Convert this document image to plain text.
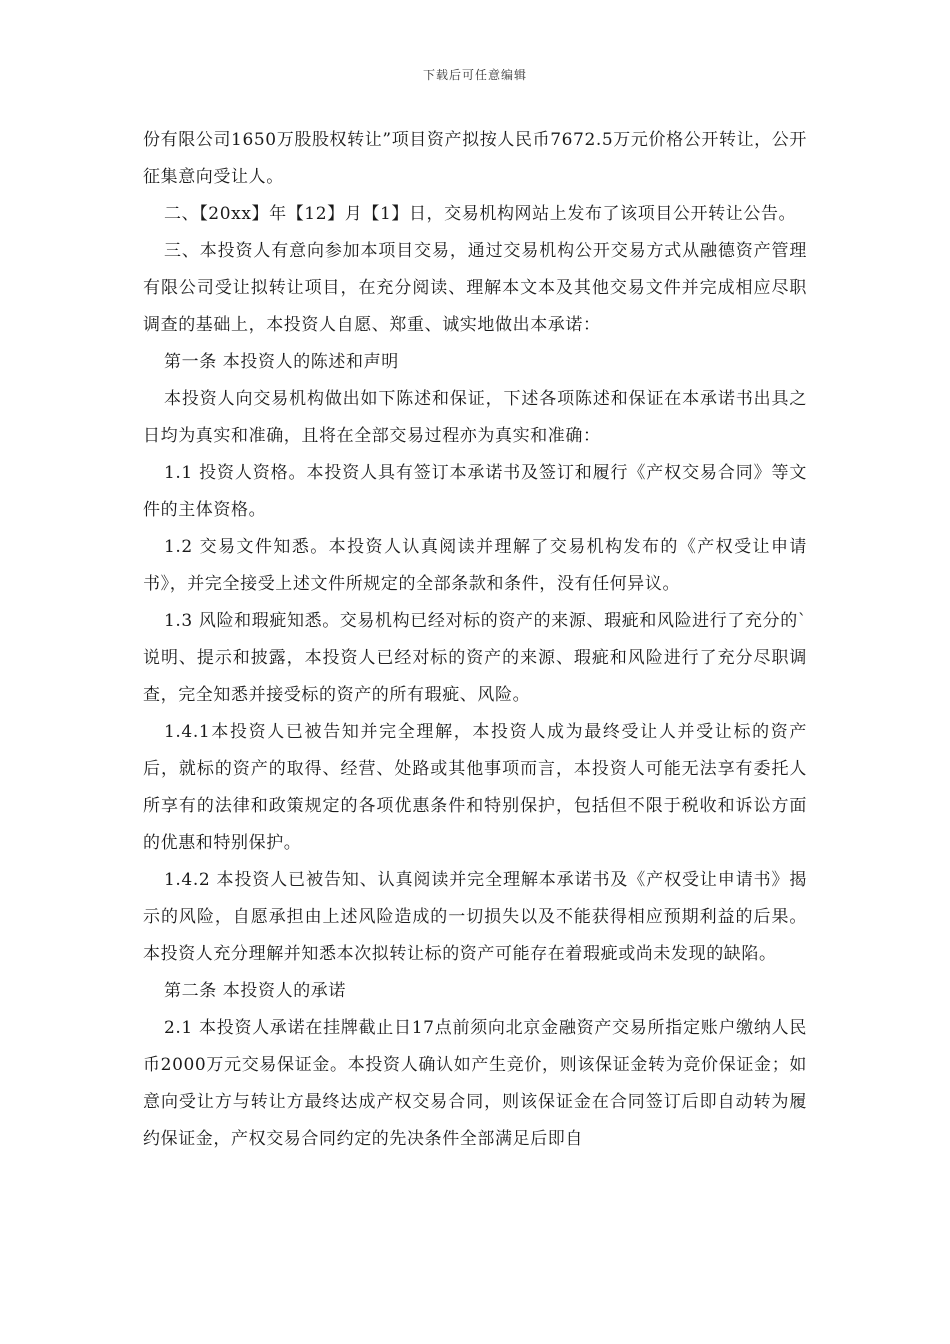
下载后可任意编辑

份有限公司1650万股股权转让”项目资产拟按人民币7672.5万元价格公开转让，公开征集意向受让人。

二、【20xx】年【12】月【1】日，交易机构网站上发布了该项目公开转让公告。

三、本投资人有意向参加本项目交易，通过交易机构公开交易方式从融德资产管理有限公司受让拟转让项目，在充分阅读、理解本文本及其他交易文件并完成相应尽职调查的基础上，本投资人自愿、郑重、诚实地做出本承诺：

第一条 本投资人的陈述和声明

本投资人向交易机构做出如下陈述和保证，下述各项陈述和保证在本承诺书出具之日均为真实和准确，且将在全部交易过程亦为真实和准确：

1.1 投资人资格。本投资人具有签订本承诺书及签订和履行《产权交易合同》等文件的主体资格。

1.2 交易文件知悉。本投资人认真阅读并理解了交易机构发布的《产权受让申请书》，并完全接受上述文件所规定的全部条款和条件，没有任何异议。

1.3 风险和瑕疵知悉。交易机构已经对标的资产的来源、瑕疵和风险进行了充分的`说明、提示和披露，本投资人已经对标的资产的来源、瑕疵和风险进行了充分尽职调查，完全知悉并接受标的资产的所有瑕疵、风险。

1.4.1本投资人已被告知并完全理解，本投资人成为最终受让人并受让标的资产后，就标的资产的取得、经营、处路或其他事项而言，本投资人可能无法享有委托人所享有的法律和政策规定的各项优惠条件和特别保护，包括但不限于税收和诉讼方面的优惠和特别保护。

1.4.2 本投资人已被告知、认真阅读并完全理解本承诺书及《产权受让申请书》揭示的风险，自愿承担由上述风险造成的一切损失以及不能获得相应预期利益的后果。本投资人充分理解并知悉本次拟转让标的资产可能存在着瑕疵或尚未发现的缺陷。

第二条 本投资人的承诺

2.1 本投资人承诺在挂牌截止日17点前须向北京金融资产交易所指定账户缴纳人民币2000万元交易保证金。本投资人确认如产生竞价，则该保证金转为竞价保证金；如意向受让方与转让方最终达成产权交易合同，则该保证金在合同签订后即自动转为履约保证金，产权交易合同约定的先决条件全部满足后即自
